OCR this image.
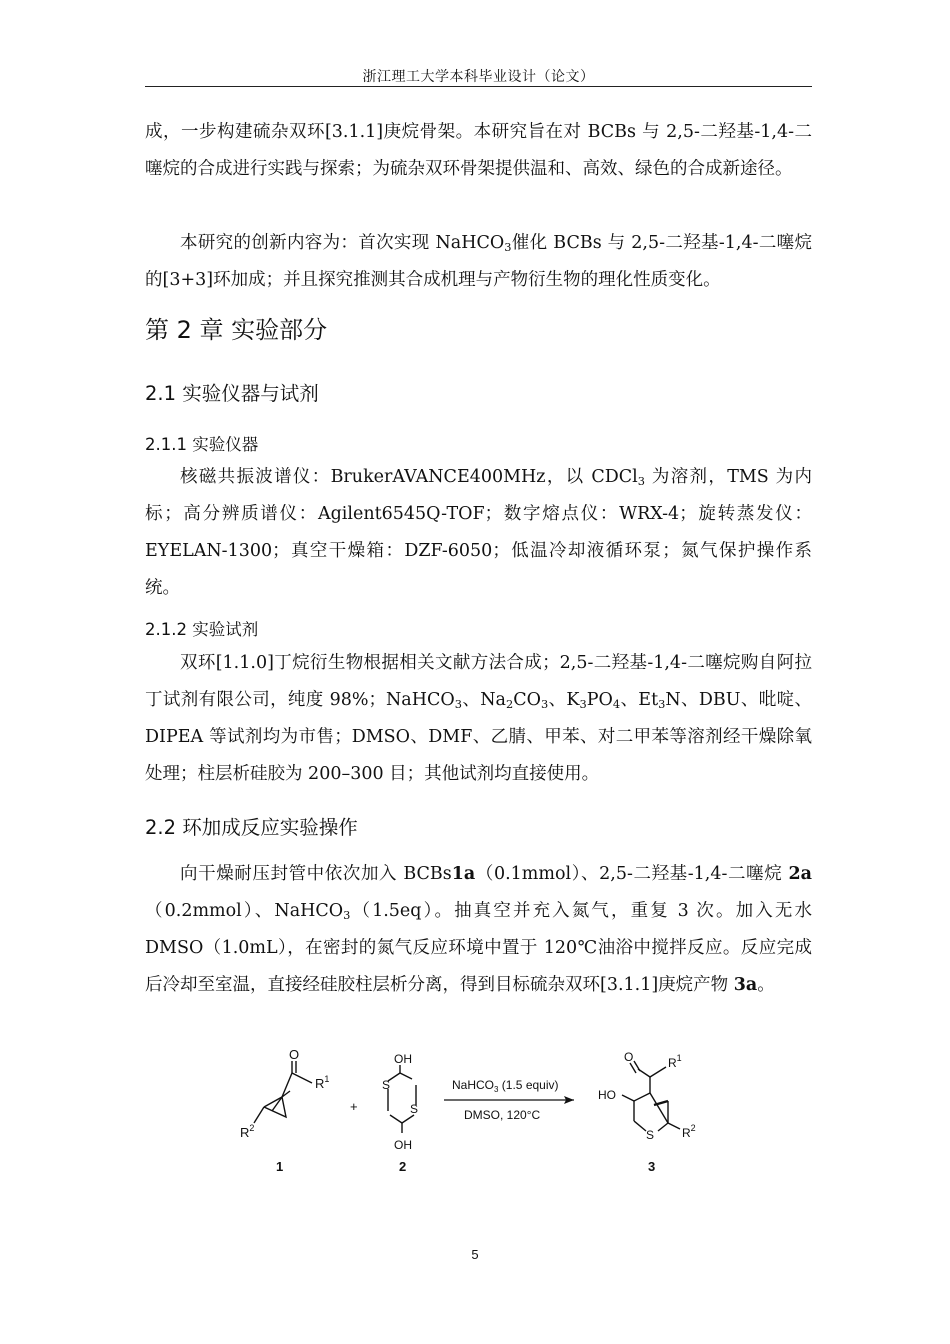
浙江理工大学本科毕业设计（论文）

成，一步构建硫杂双环[3.1.1]庚烷骨架。本研究旨在对 BCBs 与 2,5-二羟基-1,4-二噻烷的合成进行实践与探索；为硫杂双环骨架提供温和、高效、绿色的合成新途径。

本研究的创新内容为：首次实现 NaHCO$_3$催化 BCBs 与 2,5-二羟基-1,4-二噻烷的[3+3]环加成；并且探究推测其合成机理与产物衍生物的理化性质变化。

第 2 章 实验部分
2.1 实验仪器与试剂
2.1.1 实验仪器

核磁共振波谱仪：BrukerAVANCE400MHz，以 CDCl$_3$ 为溶剂，TMS 为内标；高分辨质谱仪：Agilent6545Q-TOF；数字熔点仪：WRX-4；旋转蒸发仪：EYELAN-1300；真空干燥箱：DZF-6050；低温冷却液循环泵；氮气保护操作系统。

2.1.2 实验试剂

双环[1.1.0]丁烷衍生物根据相关文献方法合成；2,5-二羟基-1,4-二噻烷购自阿拉丁试剂有限公司，纯度 98%；NaHCO$_3$、$Na_2CO_3$、$K_3PO_4$、$Et_3N$、DBU、吡啶、DIPEA 等试剂均为市售；DMSO、DMF、乙腈、甲苯、对二甲苯等溶剂经干燥除氧处理；柱层析硅胶为 200–300 目；其他试剂均直接使用。

2.2 环加成反应实验操作

向干燥耐压封管中依次加入 BCBs1a（0.1mmol）、2,5-二羟基-1,4-二噻烷 2a（0.2mmol）、NaHCO$_3$（1.5eq）。抽真空并充入氮气，重复 3 次。加入无水 DMSO（1.0mL），在密封的氮气反应环境中置于 120℃油浴中搅拌反应。反应完成后冷却至室温，直接经硅胶柱层析分离，得到目标硫杂双环[3.1.1]庚烷产物 3a。

O
$R^1$
$R^2$
1
+
OH
S
S
OH
2
NaHCO$_3$ (1.5 equiv)
DMSO, 120°C
O	$R^1$
HO
S $R^2$
3
5
